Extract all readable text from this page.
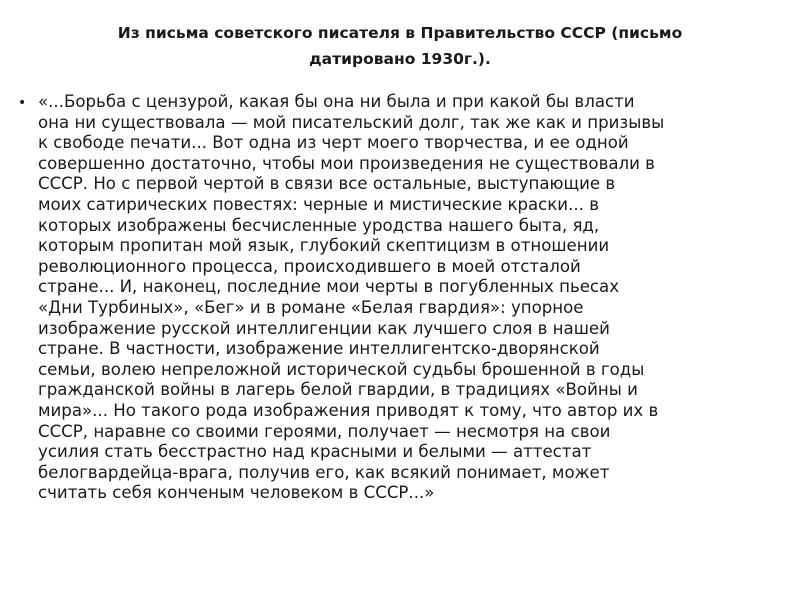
Из письма советского писателя в Правительство СССР (письмо
датировано 1930г.).
• «...Борьба с цензурой, какая бы она ни была и при какой бы власти
она ни существовала — мой писательский долг, так же как и призывы
к свободе печати... Вот одна из черт моего творчества, и ее одной
совершенно достаточно, чтобы мои произведения не существовали в
СССР. Но с первой чертой в связи все остальные, выступающие в
моих сатирических повестях: черные и мистические краски... в
которых изображены бесчисленные уродства нашего быта, яд,
которым пропитан мой язык, глубокий скептицизм в отношении
революционного процесса, происходившего в моей отсталой
стране... И, наконец, последние мои черты в погубленных пьесах
«Дни Турбиных», «Бег» и в романе «Белая гвардия»: упорное
изображение русской интеллигенции как лучшего слоя в нашей
стране. В частности, изображение интеллигентско-дворянской
семьи, волею непреложной исторической судьбы брошенной в годы
гражданской войны в лагерь белой гвардии, в традициях «Войны и
мира»... Но такого рода изображения приводят к тому, что автор их в
СССР, наравне со своими героями, получает — несмотря на свои
усилия стать бесстрастно над красными и белыми — аттестат
белогвардейца-врага, получив его, как всякий понимает, может
считать себя конченым человеком в СССР...»
